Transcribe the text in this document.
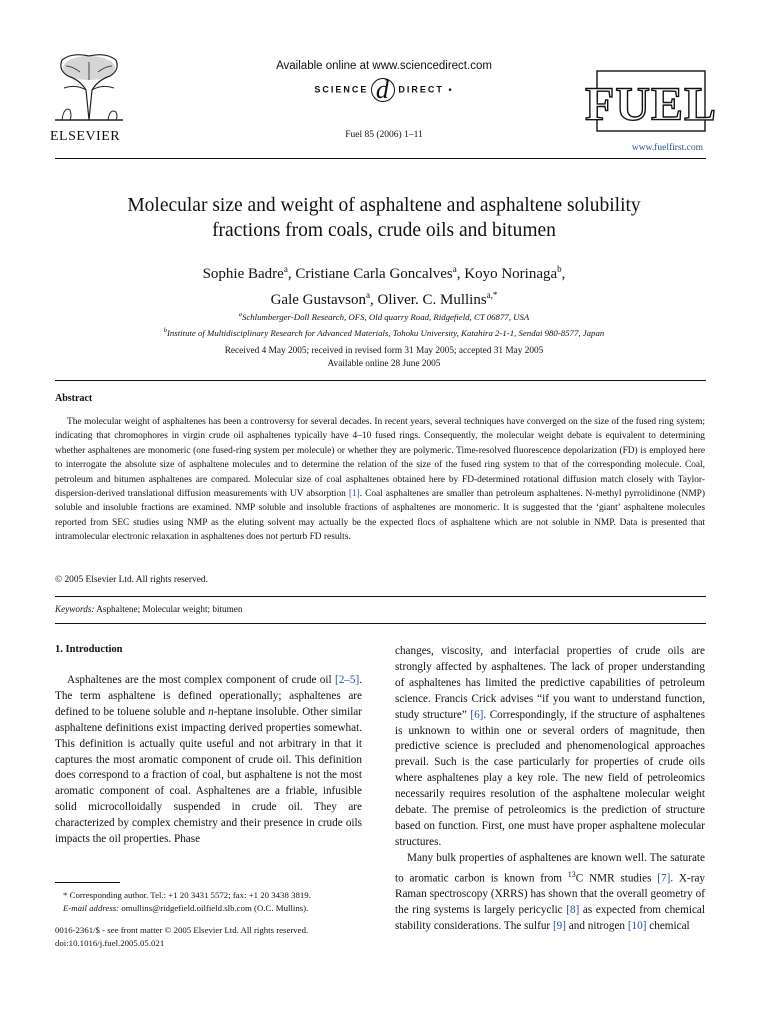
ELSEVIER
Available online at www.sciencedirect.com
SCIENCE d DIRECT •
Fuel 85 (2006) 1–11
FUEL
www.fuelfirst.com
Molecular size and weight of asphaltene and asphaltene solubility
fractions from coals, crude oils and bitumen
Sophie Badre$^a$, Cristiane Carla Goncalves$^a$, Koyo Norinaga$^b$,
Gale Gustavson$^a$, Oliver. C. Mullins$^{a,*}$
$^a$Schlumberger-Doll Research, OFS, Old quarry Road, Ridgefield, CT 06877, USA
$^b$Institute of Multidisciplinary Research for Advanced Materials, Tohoku University, Katahira 2-1-1, Sendai 980-8577, Japan
Received 4 May 2005; received in revised form 31 May 2005; accepted 31 May 2005
Available online 28 June 2005
Abstract

The molecular weight of asphaltenes has been a controversy for several decades. In recent years, several techniques have converged on the size of the fused ring system; indicating that chromophores in virgin crude oil asphaltenes typically have 4–10 fused rings. Consequently, the molecular weight debate is equivalent to determining whether asphaltenes are monomeric (one fused-ring system per molecule) or whether they are polymeric. Time-resolved fluorescence depolarization (FD) is employed here to interrogate the absolute size of asphaltene molecules and to determine the relation of the size of the fused ring system to that of the corresponding molecule. Coal, petroleum and bitumen asphaltenes are compared. Molecular size of coal asphaltenes obtained here by FD-determined rotational diffusion match closely with Taylor-dispersion-derived translational diffusion measurements with UV absorption [1]. Coal asphaltenes are smaller than petroleum asphaltenes. N-methyl pyrrolidinone (NMP) soluble and insoluble fractions are examined. NMP soluble and insoluble fractions of asphaltenes are monomeric. It is suggested that the ‘giant’ asphaltene molecules reported from SEC studies using NMP as the eluting solvent may actually be the expected flocs of asphaltene which are not soluble in NMP. Data is presented that intramolecular electronic relaxation in asphaltenes does not perturb FD results.

© 2005 Elsevier Ltd. All rights reserved.
Keywords: Asphaltene; Molecular weight; bitumen
1. Introduction

Asphaltenes are the most complex component of crude oil [2–5]. The term asphaltene is defined operationally; asphaltenes are defined to be toluene soluble and n-heptane insoluble. Other similar asphaltene definitions exist impacting derived properties somewhat. This definition is actually quite useful and not arbitrary in that it captures the most aromatic component of crude oil. This definition does correspond to a fraction of coal, but asphaltene is not the most aromatic component of coal. Asphaltenes are a friable, infusible solid microcolloidally suspended in crude oil. They are characterized by complex chemistry and their presence in crude oils impacts the oil properties. Phase

changes, viscosity, and interfacial properties of crude oils are strongly affected by asphaltenes. The lack of proper understanding of asphaltenes has limited the predictive capabilities of petroleum science. Francis Crick advises “if you want to understand function, study structure” [6]. Correspondingly, if the structure of asphaltenes is unknown to within one or several orders of magnitude, then predictive science is precluded and phenomenological approaches prevail. Such is the case particularly for properties of crude oils where asphaltenes play a key role. The new field of petroleomics necessarily requires resolution of the asphaltene molecular weight debate. The premise of petroleomics is the prediction of structure based on function. First, one must have proper asphaltene molecular structures.

Many bulk properties of asphaltenes are known well. The saturate to aromatic carbon is known from $^{13}$C NMR studies [7]. X-ray Raman spectroscopy (XRRS) has shown that the overall geometry of the ring systems is largely pericyclic [8] as expected from chemical stability considerations. The sulfur [9] and nitrogen [10] chemical

* Corresponding author. Tel.: +1 20 3431 5572; fax: +1 20 3438 3819.
E-mail address: omullins@ridgefield.oilfield.slb.com (O.C. Mullins).
0016-2361/$ - see front matter © 2005 Elsevier Ltd. All rights reserved.
doi:10.1016/j.fuel.2005.05.021
